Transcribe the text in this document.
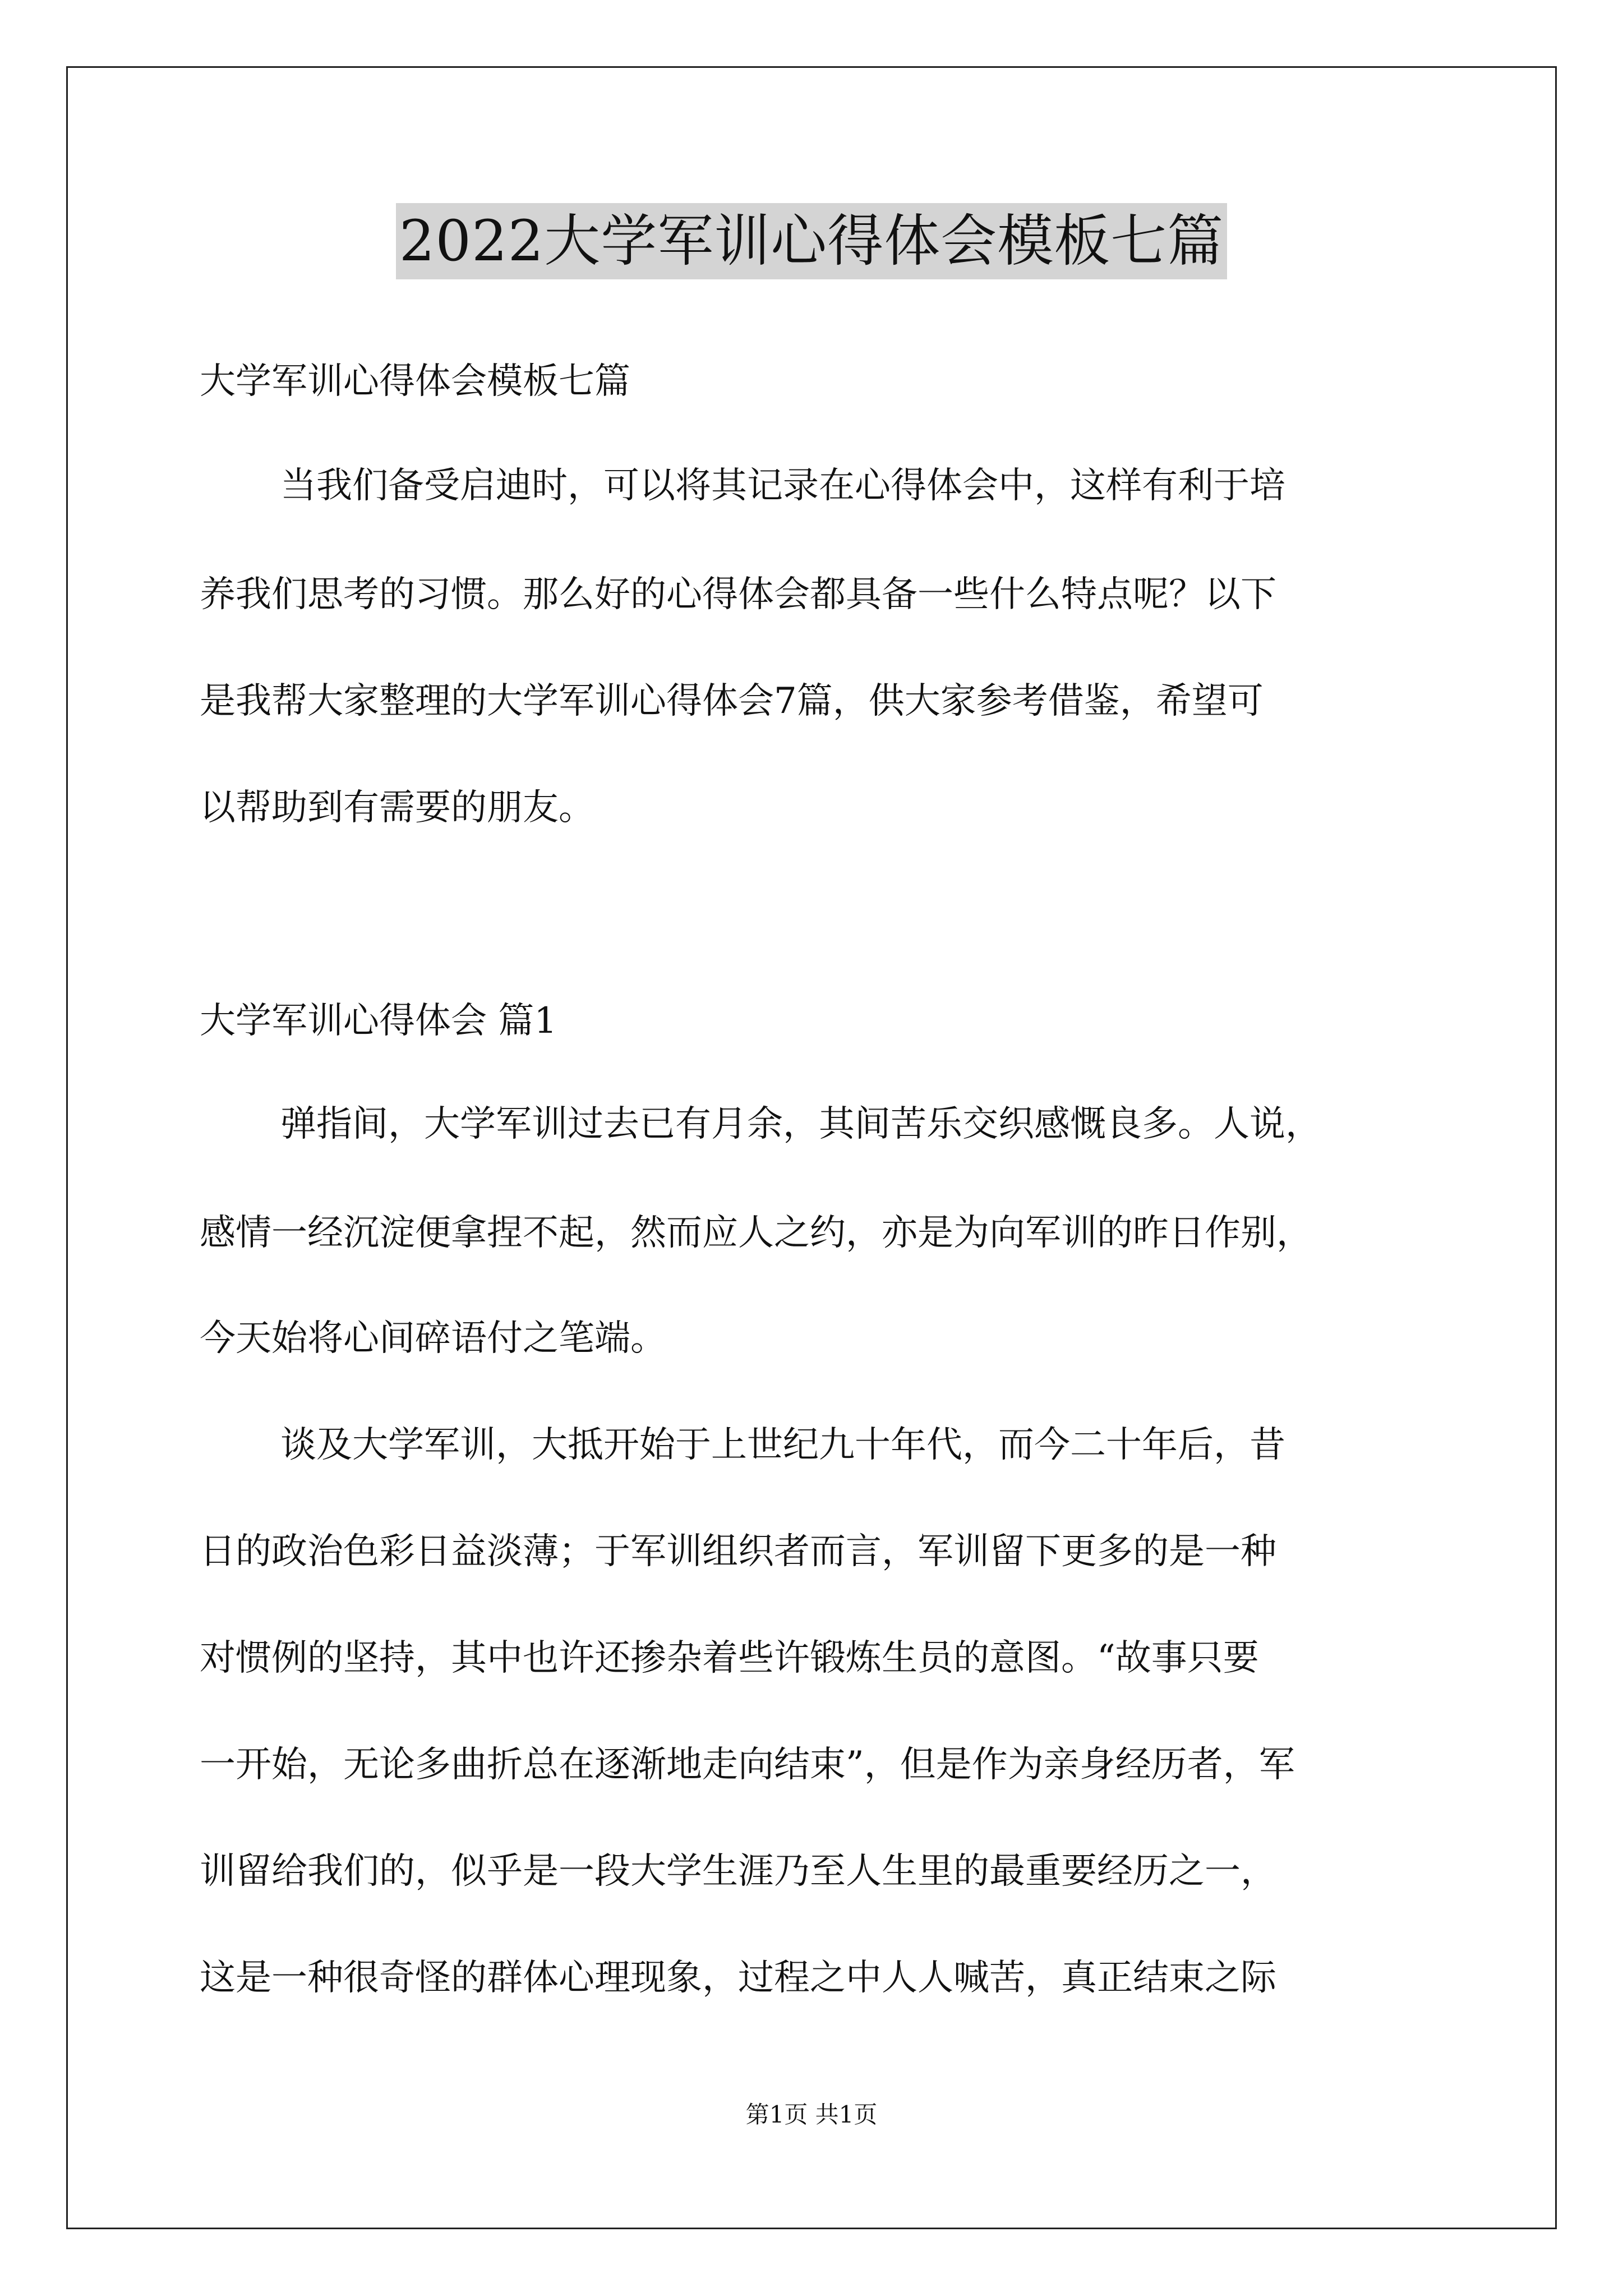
2022大学军训心得体会模板七篇
大学军训心得体会模板七篇
当我们备受启迪时，可以将其记录在心得体会中，这样有利于培
养我们思考的习惯。那么好的心得体会都具备一些什么特点呢？以下
是我帮大家整理的大学军训心得体会7篇，供大家参考借鉴，希望可
以帮助到有需要的朋友。
大学军训心得体会 篇1
弹指间，大学军训过去已有月余，其间苦乐交织感慨良多。人说，
感情一经沉淀便拿捏不起，然而应人之约，亦是为向军训的昨日作别，
今天始将心间碎语付之笔端。
谈及大学军训，大抵开始于上世纪九十年代，而今二十年后，昔
日的政治色彩日益淡薄；于军训组织者而言，军训留下更多的是一种
对惯例的坚持，其中也许还掺杂着些许锻炼生员的意图。“故事只要
一开始，无论多曲折总在逐渐地走向结束”，但是作为亲身经历者，军
训留给我们的，似乎是一段大学生涯乃至人生里的最重要经历之一，
这是一种很奇怪的群体心理现象，过程之中人人喊苦，真正结束之际
第1页 共1页
